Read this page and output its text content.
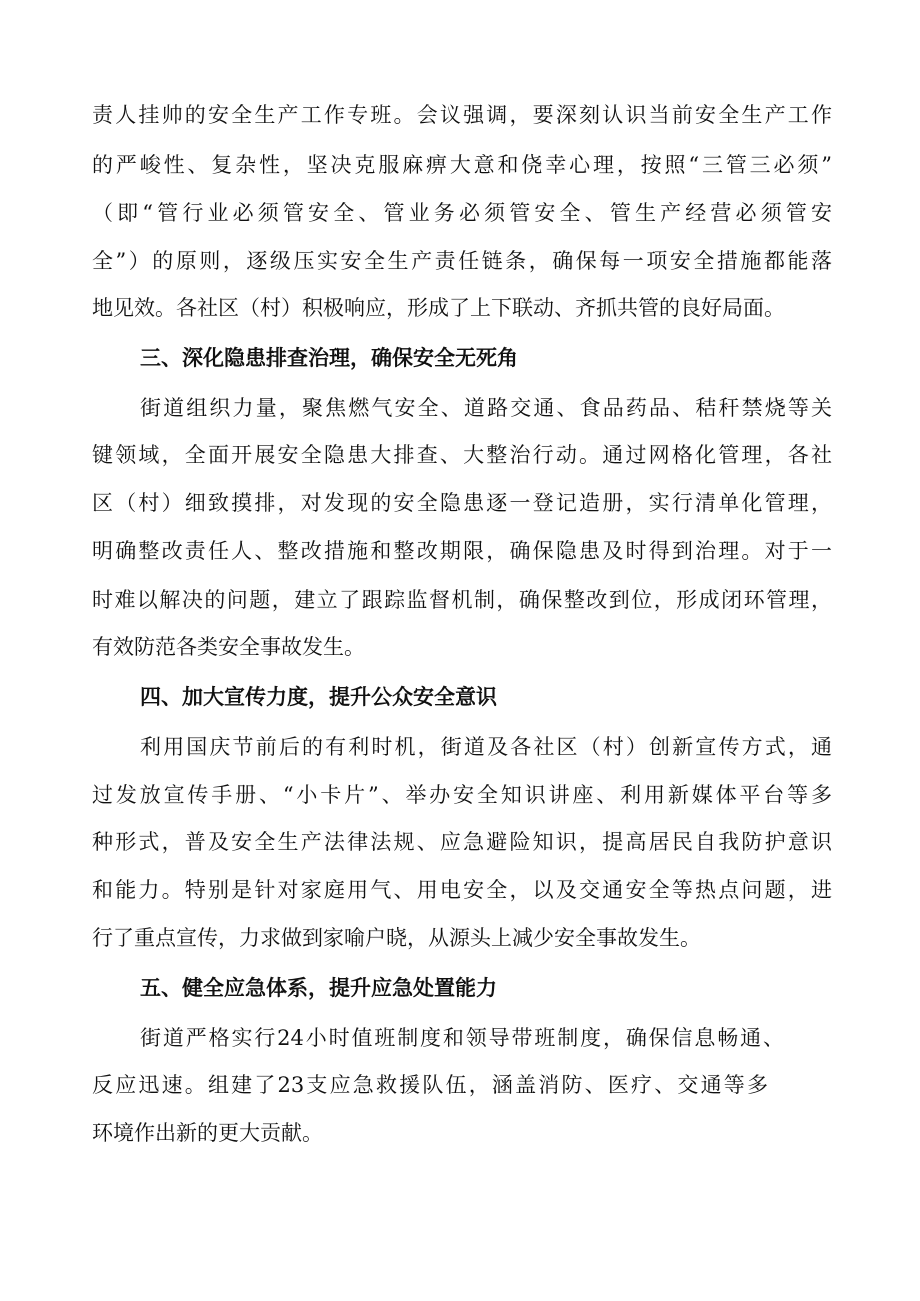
责人挂帅的安全生产工作专班。会议强调，要深刻认识当前安全生产工作
的严峻性、复杂性，坚决克服麻痹大意和侥幸心理，按照“三管三必须”
（即“管行业必须管安全、管业务必须管安全、管生产经营必须管安
全”）的原则，逐级压实安全生产责任链条，确保每一项安全措施都能落
地见效。各社区（村）积极响应，形成了上下联动、齐抓共管的良好局面。
三、深化隐患排查治理，确保安全无死角
街道组织力量，聚焦燃气安全、道路交通、食品药品、秸秆禁烧等关
键领域，全面开展安全隐患大排查、大整治行动。通过网格化管理，各社
区（村）细致摸排，对发现的安全隐患逐一登记造册，实行清单化管理，
明确整改责任人、整改措施和整改期限，确保隐患及时得到治理。对于一
时难以解决的问题，建立了跟踪监督机制，确保整改到位，形成闭环管理，
有效防范各类安全事故发生。
四、加大宣传力度，提升公众安全意识
利用国庆节前后的有利时机，街道及各社区（村）创新宣传方式，通
过发放宣传手册、“小卡片”、举办安全知识讲座、利用新媒体平台等多
种形式，普及安全生产法律法规、应急避险知识，提高居民自我防护意识
和能力。特别是针对家庭用气、用电安全，以及交通安全等热点问题，进
行了重点宣传，力求做到家喻户晓，从源头上减少安全事故发生。
五、健全应急体系，提升应急处置能力
街道严格实行24小时值班制度和领导带班制度，确保信息畅通、
反应迅速。组建了23支应急救援队伍，涵盖消防、医疗、交通等多
环境作出新的更大贡献。
